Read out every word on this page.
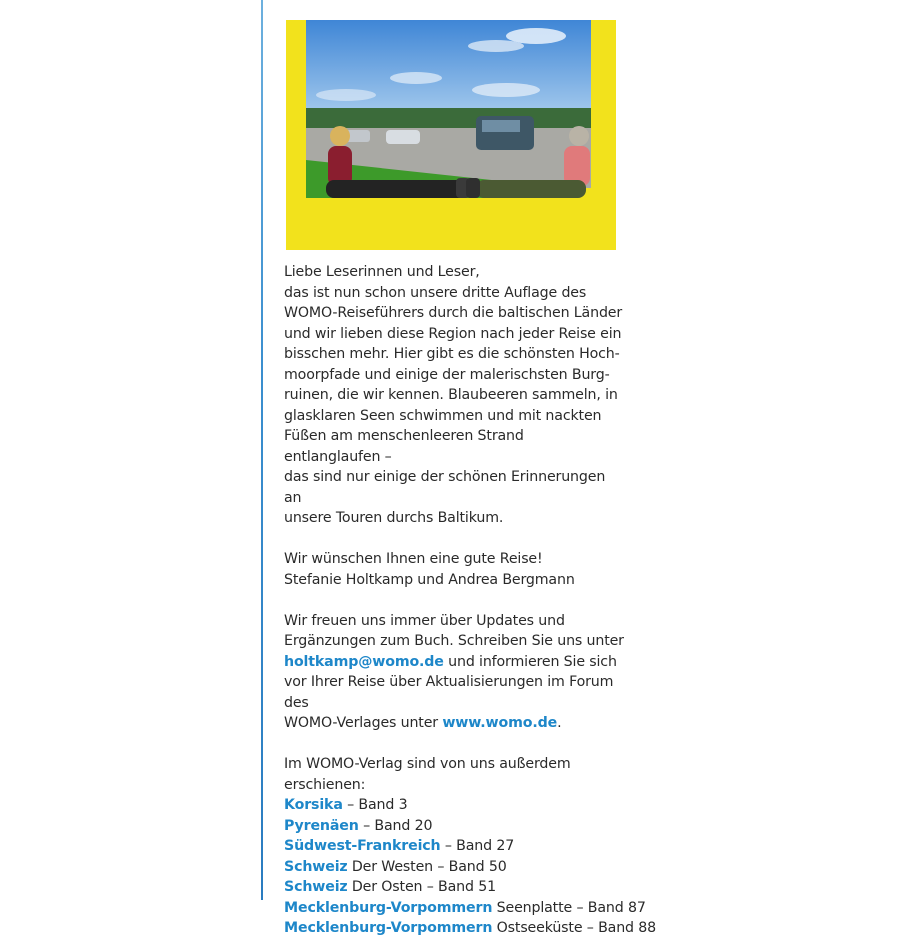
Liebe Leserinnen und Leser,

das ist nun schon unsere dritte Auflage des

WOMO-Reiseführers durch die baltischen Länder

und wir lieben diese Region nach jeder Reise ein

bisschen mehr. Hier gibt es die schönsten Hoch-

moorpfade und einige der malerischsten Burg-

ruinen, die wir kennen. Blaubeeren sammeln, in

glasklaren Seen schwimmen und mit nackten

Füßen am menschenleeren Strand entlanglaufen –

das sind nur einige der schönen Erinnerungen an

unsere Touren durchs Baltikum.

Wir wünschen Ihnen eine gute Reise!

Stefanie Holtkamp und Andrea Bergmann

Wir freuen uns immer über Updates und

Ergänzungen zum Buch. Schreiben Sie uns unter

holtkamp@womo.de und informieren Sie sich

vor Ihrer Reise über Aktualisierungen im Forum des

WOMO-Verlages unter www.womo.de.

Im WOMO-Verlag sind von uns außerdem

erschienen:

Korsika – Band 3

Pyrenäen – Band 20

Südwest-Frankreich – Band 27

Schweiz Der Westen – Band 50

Schweiz Der Osten – Band 51

Mecklenburg-Vorpommern Seenplatte – Band 87

Mecklenburg-Vorpommern Ostseeküste – Band 88
